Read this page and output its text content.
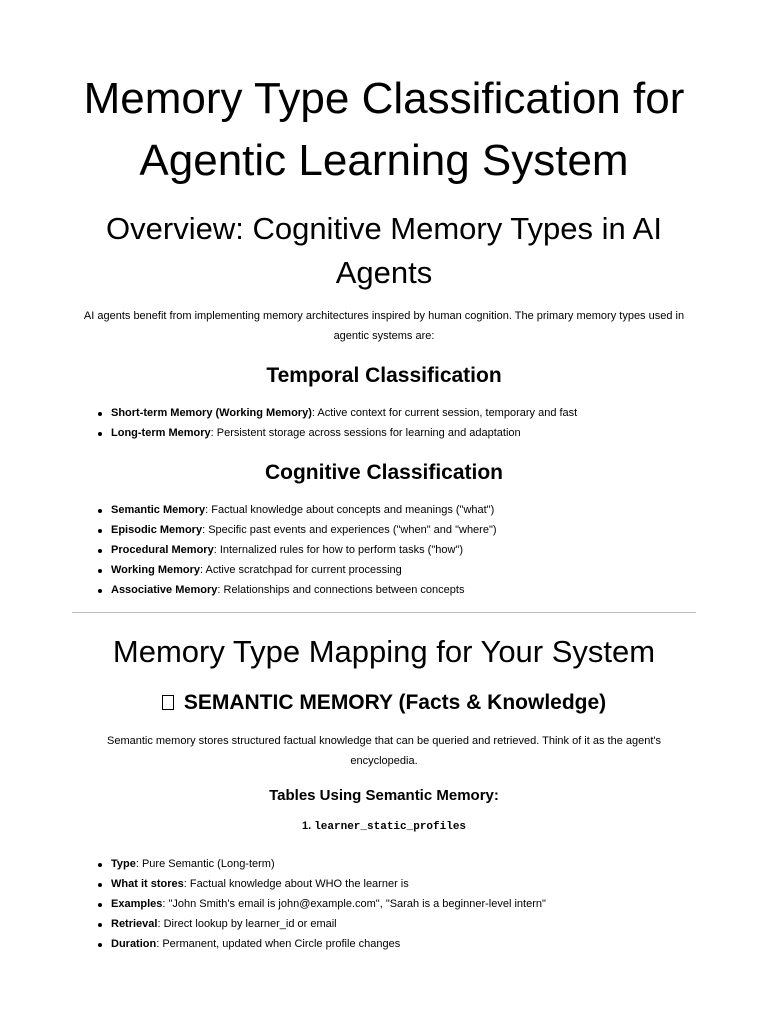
Memory Type Classification for Agentic Learning System
Overview: Cognitive Memory Types in AI Agents

AI agents benefit from implementing memory architectures inspired by human cognition. The primary memory types used in agentic systems are:

Temporal Classification
Short-term Memory (Working Memory): Active context for current session, temporary and fast
Long-term Memory: Persistent storage across sessions for learning and adaptation
Cognitive Classification
Semantic Memory: Factual knowledge about concepts and meanings ("what")
Episodic Memory: Specific past events and experiences ("when" and "where")
Procedural Memory: Internalized rules for how to perform tasks ("how")
Working Memory: Active scratchpad for current processing
Associative Memory: Relationships and connections between concepts
Memory Type Mapping for Your System
SEMANTIC MEMORY (Facts & Knowledge)

Semantic memory stores structured factual knowledge that can be queried and retrieved. Think of it as the agent's encyclopedia.

Tables Using Semantic Memory:
1. learner_static_profiles
Type: Pure Semantic (Long-term)
What it stores: Factual knowledge about WHO the learner is
Examples: "John Smith's email is john@example.com", "Sarah is a beginner-level intern"
Retrieval: Direct lookup by learner_id or email
Duration: Permanent, updated when Circle profile changes
